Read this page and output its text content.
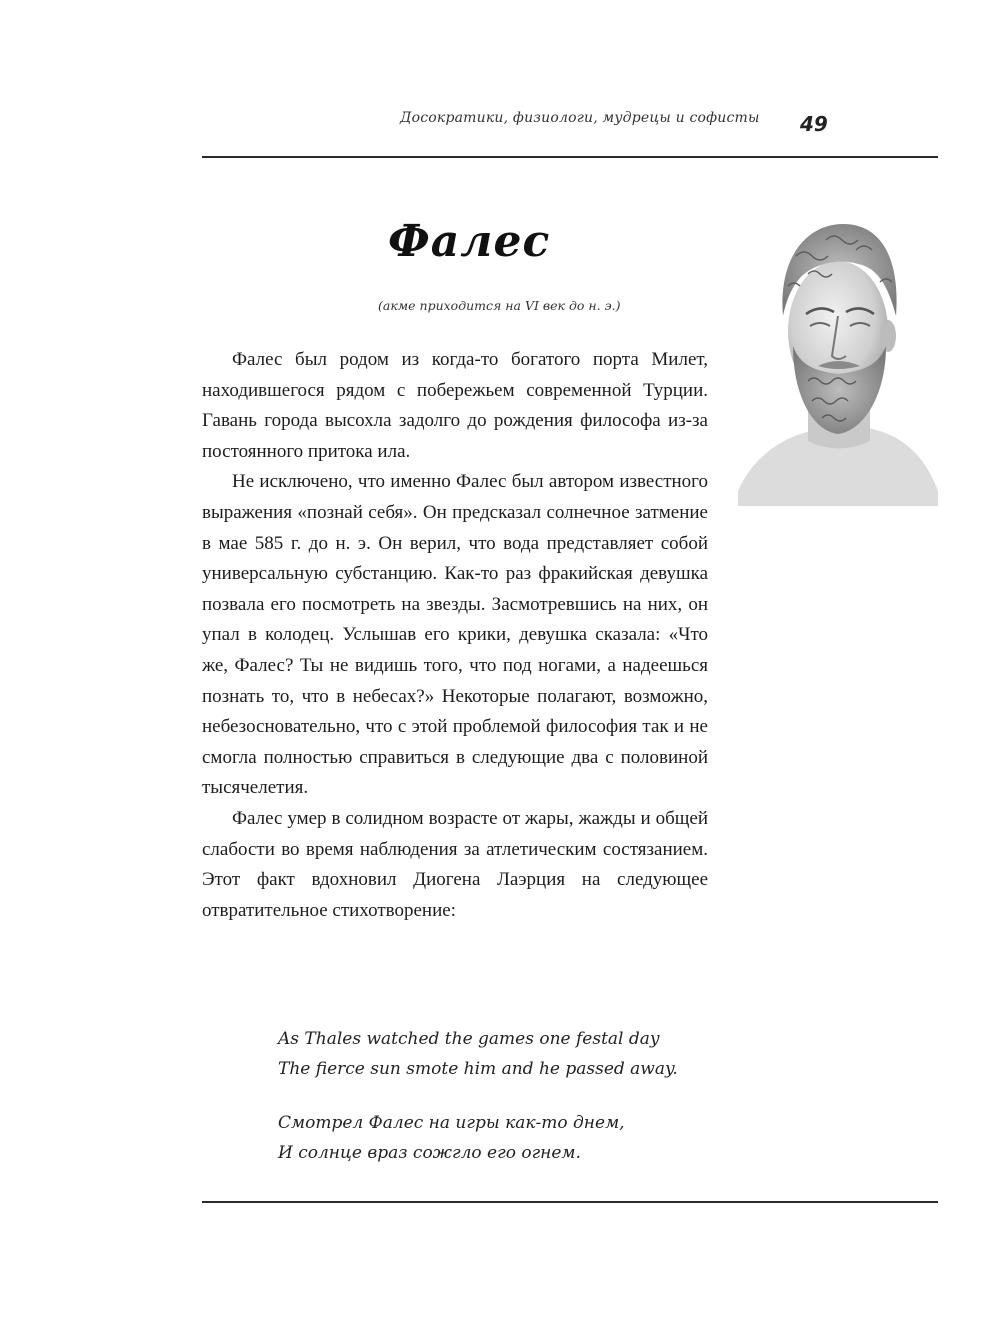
Досократики, физиологи, мудрецы и софисты 49
Фалес
(акме приходится на VI век до н. э.)

Фалес был родом из когда-то богатого порта Милет, находившегося рядом с побережьем современной Турции. Гавань города высохла задолго до рождения философа из-за постоянного притока ила.

Не исключено, что именно Фалес был автором известного выражения «познай себя». Он предсказал солнечное затмение в мае 585 г. до н. э. Он верил, что вода представляет собой универсальную субстанцию. Как-то раз фракийская девушка позвала его посмотреть на звезды. Засмотревшись на них, он упал в колодец. Услышав его крики, девушка сказала: «Что же, Фалес? Ты не видишь того, что под ногами, а надеешься познать то, что в небесах?» Некоторые полагают, возможно, небезосновательно, что с этой проблемой философия так и не смогла полностью справиться в следующие два с половиной тысячелетия.

Фалес умер в солидном возрасте от жары, жажды и общей слабости во время наблюдения за атлетическим состязанием. Этот факт вдохновил Диогена Лаэрция на следующее отвратительное стихотворение:

As Thales watched the games one festal day
The fierce sun smote him and he passed away.
Смотрел Фалес на игры как-то днем,
И солнце враз сожгло его огнем.
